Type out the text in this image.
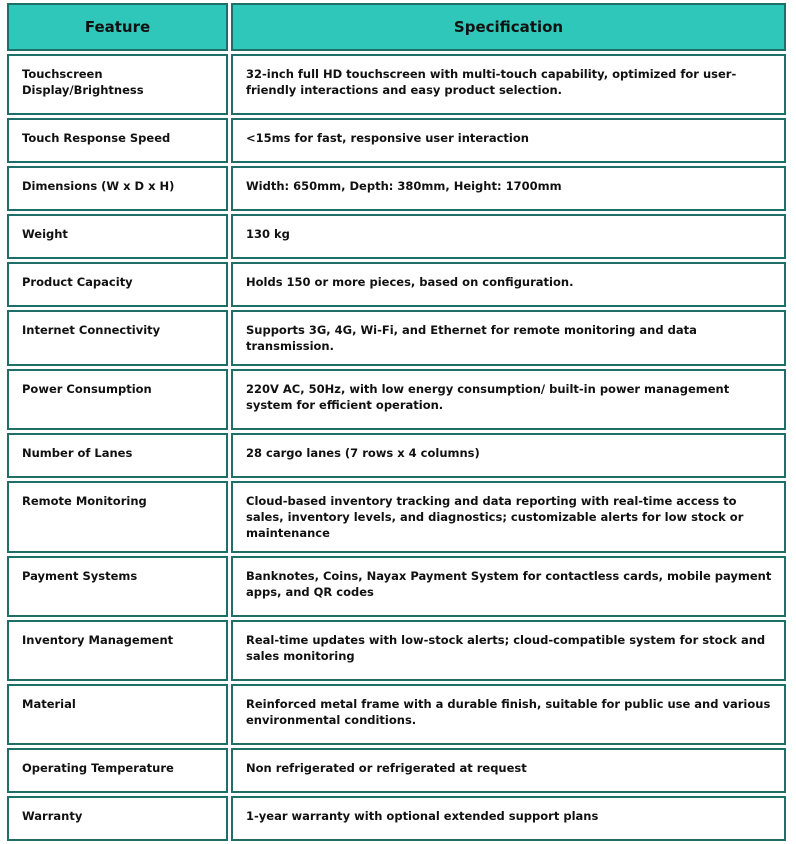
Feature	Specification
Touchscreen Display/Brightness	32-inch full HD touchscreen with multi-touch capability, optimized for user-friendly interactions and easy product selection.
Touch Response Speed	<15ms for fast, responsive user interaction
Dimensions (W x D x H)	Width: 650mm, Depth: 380mm, Height: 1700mm
Weight	130 kg
Product Capacity	Holds 150 or more pieces, based on configuration.
Internet Connectivity	Supports 3G, 4G, Wi-Fi, and Ethernet for remote monitoring and data transmission.
Power Consumption	220V AC, 50Hz, with low energy consumption/ built-in power management system for efficient operation.
Number of Lanes	28 cargo lanes (7 rows x 4 columns)
Remote Monitoring	Cloud-based inventory tracking and data reporting with real-time access to sales, inventory levels, and diagnostics; customizable alerts for low stock or maintenance
Payment Systems	Banknotes, Coins, Nayax Payment System for contactless cards, mobile payment apps, and QR codes
Inventory Management	Real-time updates with low-stock alerts; cloud-compatible system for stock and sales monitoring
Material	Reinforced metal frame with a durable finish, suitable for public use and various environmental conditions.
Operating Temperature	Non refrigerated or refrigerated at request
Warranty	1-year warranty with optional extended support plans
